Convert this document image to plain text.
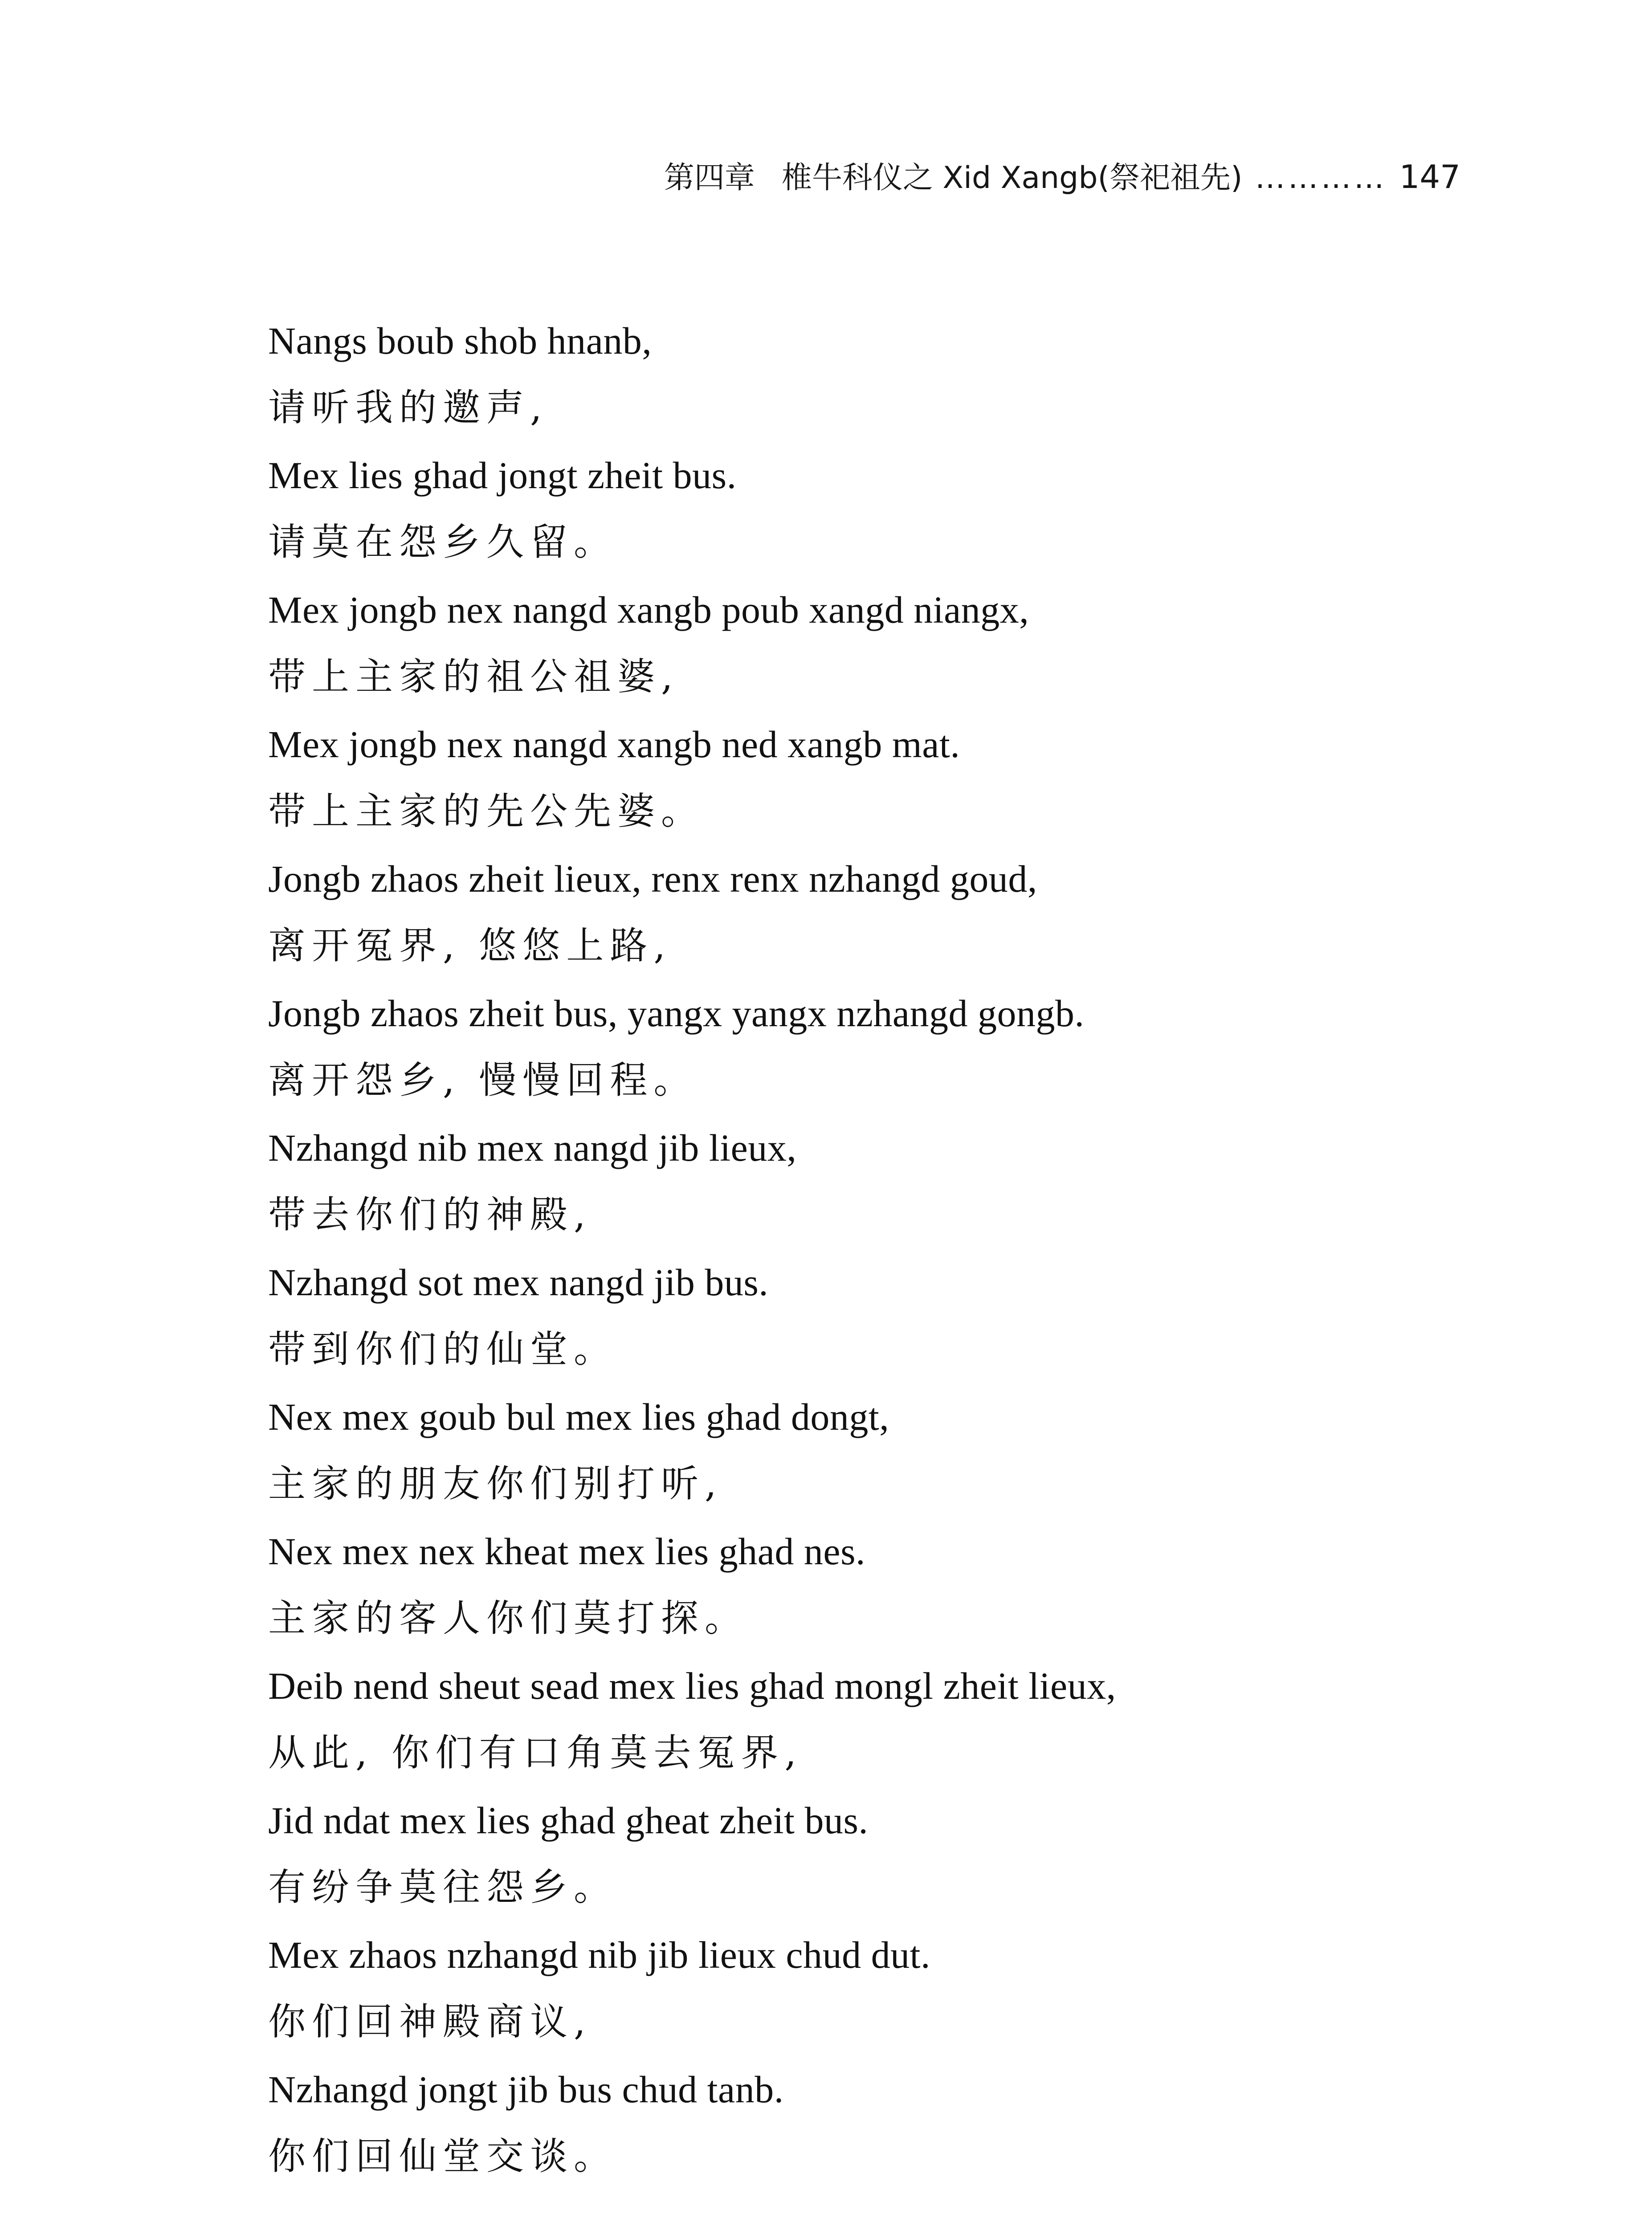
第四章 椎牛科仪之 Xid Xangb(祭祀祖先) ………… 147
Nangs boub shob hnanb,
请听我的邀声,
Mex lies ghad jongt zheit bus.
请莫在怨乡久留。
Mex jongb nex nangd xangb poub xangd niangx,
带上主家的祖公祖婆,
Mex jongb nex nangd xangb ned xangb mat.
带上主家的先公先婆。
Jongb zhaos zheit lieux, renx renx nzhangd goud,
离开冤界, 悠悠上路,
Jongb zhaos zheit bus, yangx yangx nzhangd gongb.
离开怨乡, 慢慢回程。
Nzhangd nib mex nangd jib lieux,
带去你们的神殿,
Nzhangd sot mex nangd jib bus.
带到你们的仙堂。
Nex mex goub bul mex lies ghad dongt,
主家的朋友你们别打听,
Nex mex nex kheat mex lies ghad nes.
主家的客人你们莫打探。
Deib nend sheut sead mex lies ghad mongl zheit lieux,
从此, 你们有口角莫去冤界,
Jid ndat mex lies ghad gheat zheit bus.
有纷争莫往怨乡。
Mex zhaos nzhangd nib jib lieux chud dut.
你们回神殿商议,
Nzhangd jongt jib bus chud tanb.
你们回仙堂交谈。
